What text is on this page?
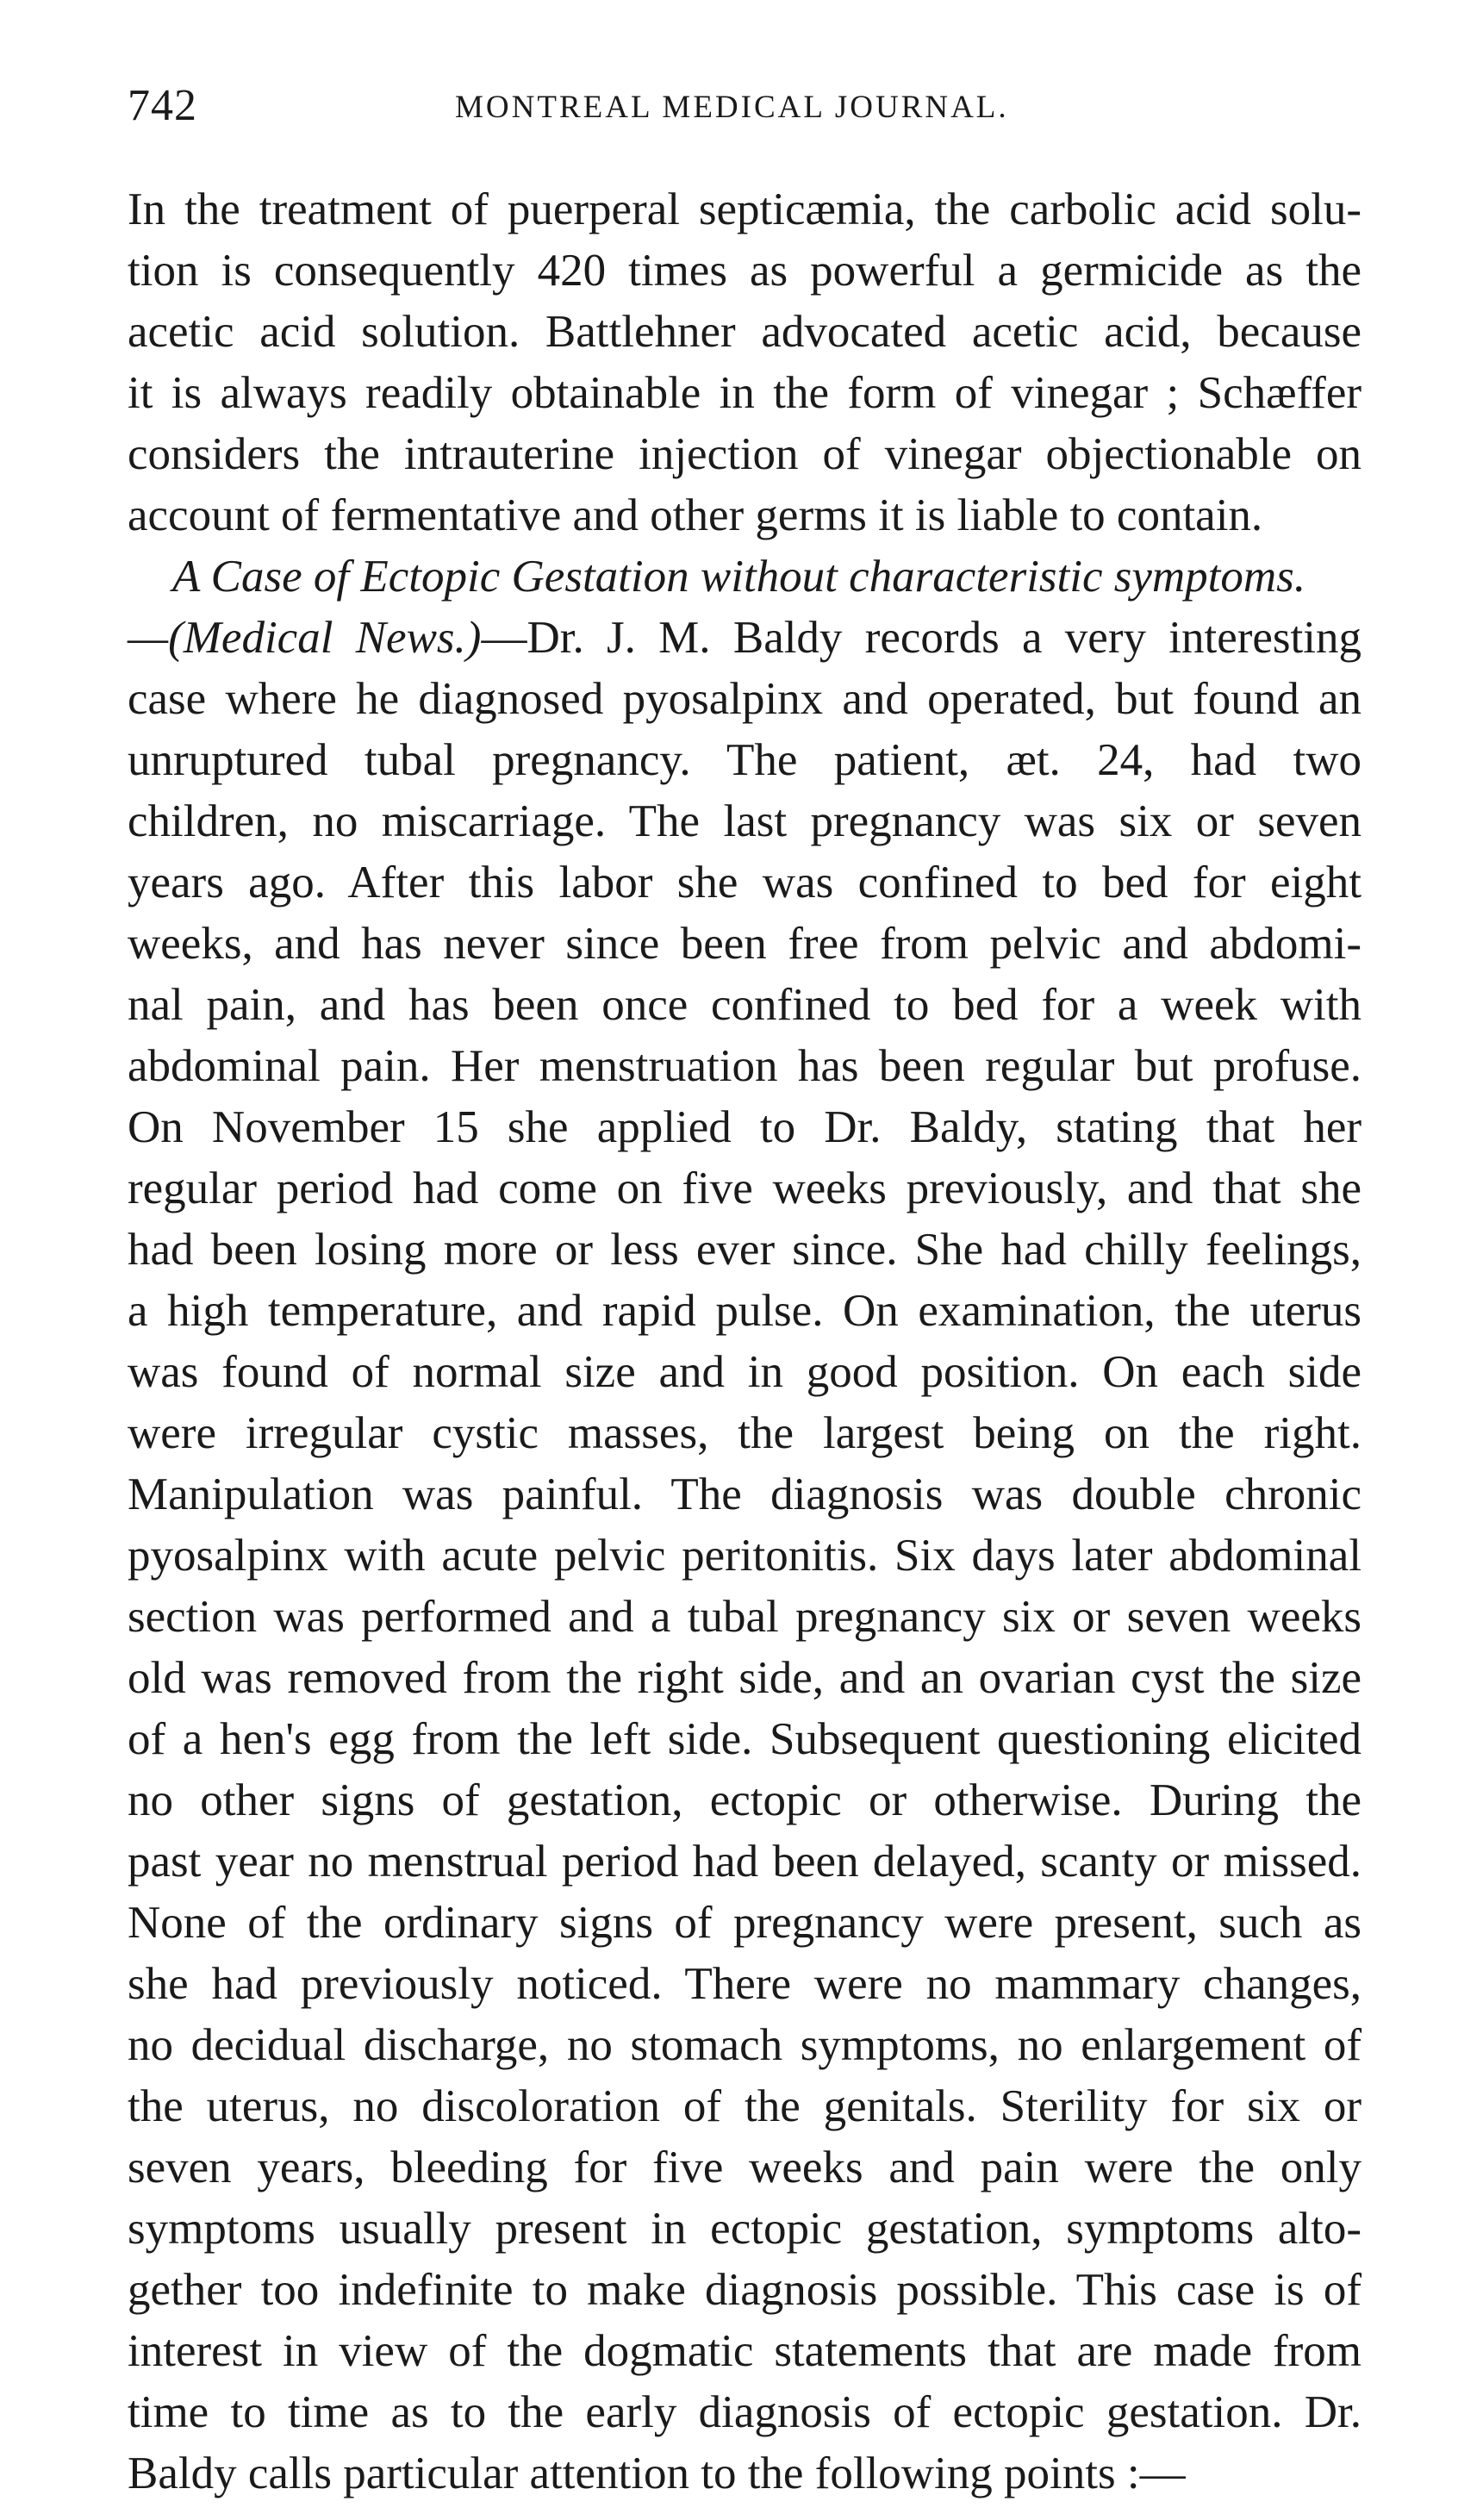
742	MONTREAL MEDICAL JOURNAL.
In the treatment of puerperal septicæmia, the carbolic acid solu-
tion is consequently 420 times as powerful a germicide as the
acetic acid solution. Battlehner advocated acetic acid, because
it is always readily obtainable in the form of vinegar ; Schæffer
considers the intrauterine injection of vinegar objectionable on
account of fermentative and other germs it is liable to contain.
A Case of Ectopic Gestation without characteristic symptoms.
—(Medical News.)—Dr. J. M. Baldy records a very interesting
case where he diagnosed pyosalpinx and operated, but found an
unruptured tubal pregnancy. The patient, æt. 24, had two
children, no miscarriage. The last pregnancy was six or seven
years ago. After this labor she was confined to bed for eight
weeks, and has never since been free from pelvic and abdomi-
nal pain, and has been once confined to bed for a week with
abdominal pain. Her menstruation has been regular but profuse.
On November 15 she applied to Dr. Baldy, stating that her
regular period had come on five weeks previously, and that she
had been losing more or less ever since. She had chilly feelings,
a high temperature, and rapid pulse. On examination, the uterus
was found of normal size and in good position. On each side
were irregular cystic masses, the largest being on the right.
Manipulation was painful. The diagnosis was double chronic
pyosalpinx with acute pelvic peritonitis. Six days later abdominal
section was performed and a tubal pregnancy six or seven weeks
old was removed from the right side, and an ovarian cyst the size
of a hen's egg from the left side. Subsequent questioning elicited
no other signs of gestation, ectopic or otherwise. During the
past year no menstrual period had been delayed, scanty or missed.
None of the ordinary signs of pregnancy were present, such as
she had previously noticed. There were no mammary changes,
no decidual discharge, no stomach symptoms, no enlargement of
the uterus, no discoloration of the genitals. Sterility for six or
seven years, bleeding for five weeks and pain were the only
symptoms usually present in ectopic gestation, symptoms alto-
gether too indefinite to make diagnosis possible. This case is of
interest in view of the dogmatic statements that are made from
time to time as to the early diagnosis of ectopic gestation. Dr.
Baldy calls particular attention to the following points :—
